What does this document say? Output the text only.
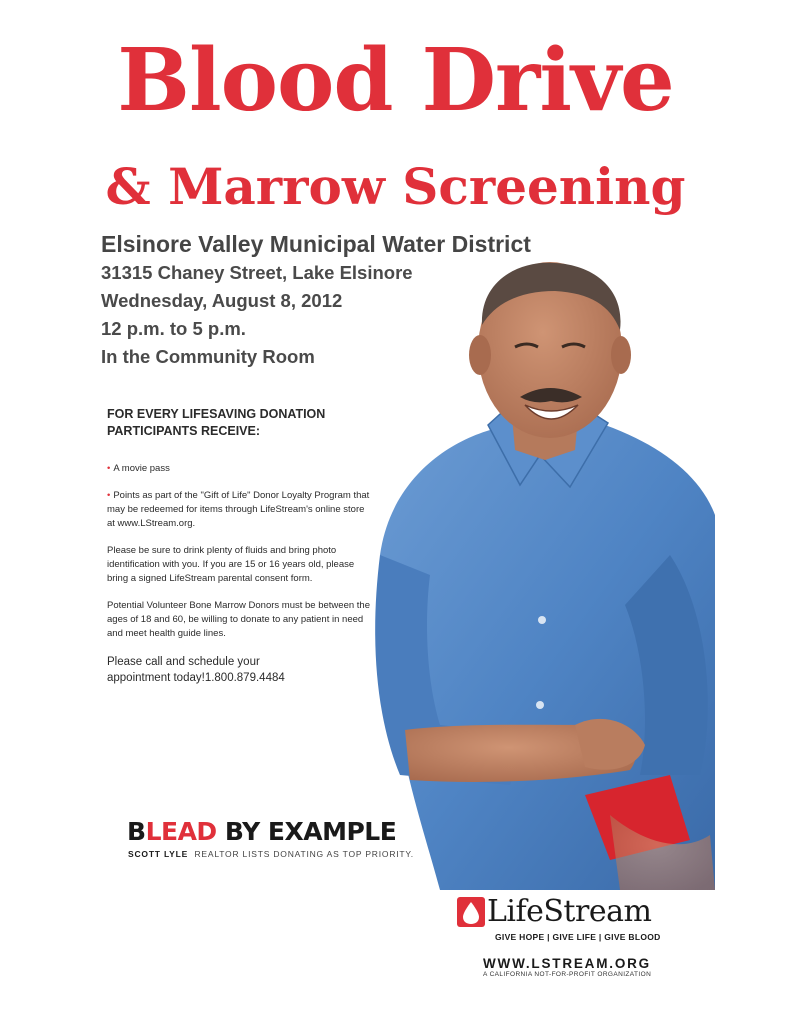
Blood Drive
& Marrow Screening
Elsinore Valley Municipal Water District
31315 Chaney Street, Lake Elsinore
Wednesday, August 8, 2012
12 p.m. to 5 p.m.
In the Community Room
FOR EVERY LIFESAVING DONATION
PARTICIPANTS RECEIVE:

• A movie pass

• Points as part of the "Gift of Life" Donor Loyalty Program that may be redeemed for items through LifeStream's online store at www.LStream.org.

Please be sure to drink plenty of fluids and bring photo identification with you. If you are 15 or 16 years old, please bring a signed LifeStream parental consent form.

Potential Volunteer Bone Marrow Donors must be between the ages of 18 and 60, be willing to donate to any patient in need and meet health guide lines.

Please call and schedule your
appointment today!1.800.879.4484
BLEAD BY EXAMPLE
SCOTT LYLE REALTOR LISTS DONATING AS TOP PRIORITY.
LifeStream
GIVE HOPE | GIVE LIFE | GIVE BLOOD
WWW.LSTREAM.ORG
A CALIFORNIA NOT-FOR-PROFIT ORGANIZATION
